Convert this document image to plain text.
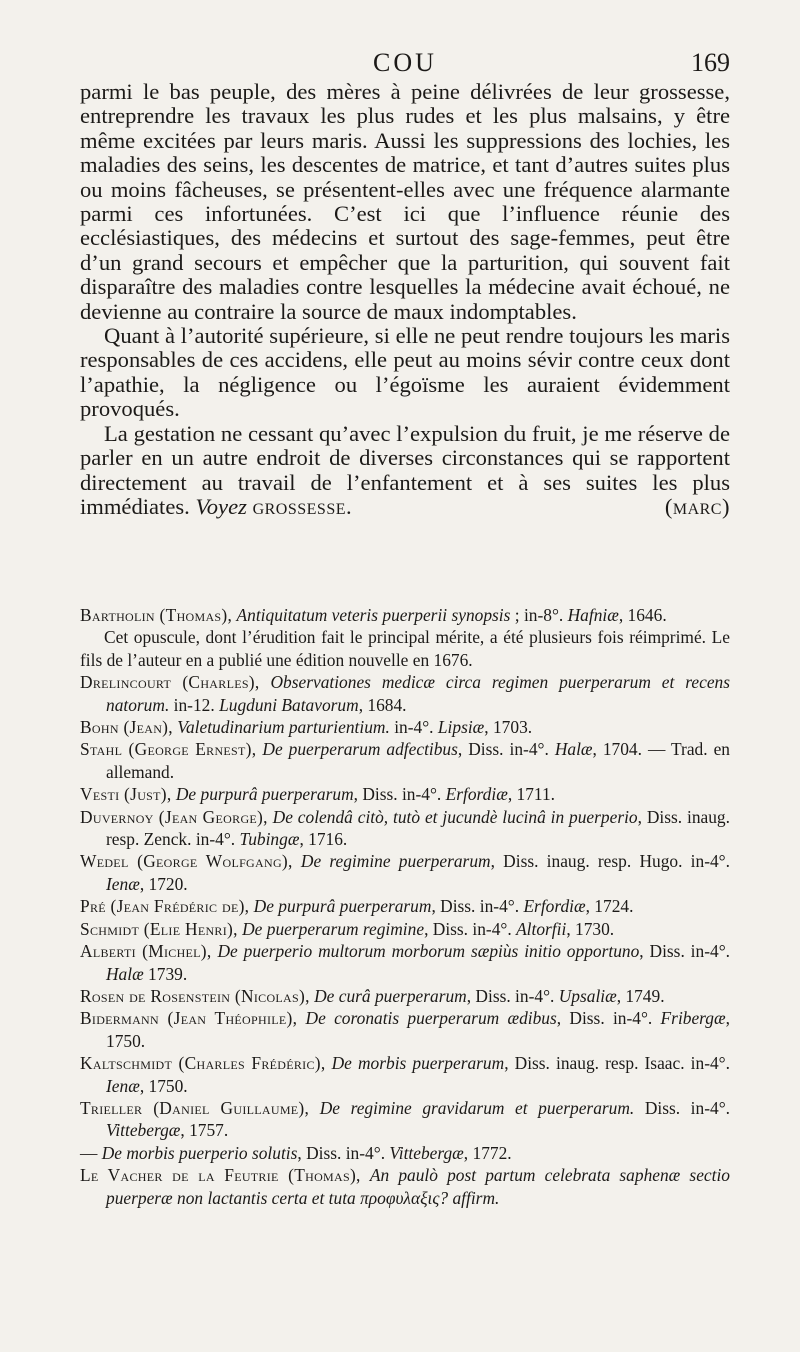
COU	169

parmi le bas peuple, des mères à peine délivrées de leur grossesse, entreprendre les travaux les plus rudes et les plus malsains, y être même excitées par leurs maris. Aussi les suppressions des lochies, les maladies des seins, les descentes de matrice, et tant d’autres suites plus ou moins fâcheuses, se présentent-elles avec une fréquence alarmante parmi ces infortunées. C’est ici que l’influence réunie des ecclésiastiques, des médecins et surtout des sage-femmes, peut être d’un grand secours et empêcher que la parturition, qui souvent fait disparaître des maladies contre lesquelles la médecine avait échoué, ne devienne au contraire la source de maux indomptables.

Quant à l’autorité supérieure, si elle ne peut rendre toujours les maris responsables de ces accidens, elle peut au moins sévir contre ceux dont l’apathie, la négligence ou l’égoïsme les auraient évidemment provoqués.

La gestation ne cessant qu’avec l’expulsion du fruit, je me réserve de parler en un autre endroit de diverses circonstances qui se rapportent directement au travail de l’enfantement et à ses suites les plus immédiates. Voyez grossesse.	(marc)

Bartholin (Thomas), Antiquitatum veteris puerperii synopsis ; in-8°. Hafniæ, 1646.

Cet opuscule, dont l’érudition fait le principal mérite, a été plusieurs fois réimprimé. Le fils de l’auteur en a publié une édition nouvelle en 1676.

Drelincourt (Charles), Observationes medicæ circa regimen puerperarum et recens natorum. in-12. Lugduni Batavorum, 1684.

Bohn (Jean), Valetudinarium parturientium. in-4°. Lipsiæ, 1703.

Stahl (George Ernest), De puerperarum adfectibus, Diss. in-4°. Halæ, 1704. — Trad. en allemand.

Vesti (Just), De purpurâ puerperarum, Diss. in-4°. Erfordiæ, 1711.

Duvernoy (Jean George), De colendâ citò, tutò et jucundè lucinâ in puerperio, Diss. inaug. resp. Zenck. in-4°. Tubingæ, 1716.

Wedel (George Wolfgang), De regimine puerperarum, Diss. inaug. resp. Hugo. in-4°. Ienæ, 1720.

Pré (Jean Frédéric de), De purpurâ puerperarum, Diss. in-4°. Erfordiæ, 1724.

Schmidt (Elie Henri), De puerperarum regimine, Diss. in-4°. Altorfii, 1730.

Alberti (Michel), De puerperio multorum morborum sæpiùs initio opportuno, Diss. in-4°. Halæ 1739.

Rosen de Rosenstein (Nicolas), De curâ puerperarum, Diss. in-4°. Upsaliæ, 1749.

Bidermann (Jean Théophile), De coronatis puerperarum ædibus, Diss. in-4°. Fribergæ, 1750.

Kaltschmidt (Charles Frédéric), De morbis puerperarum, Diss. inaug. resp. Isaac. in-4°. Ienæ, 1750.

Trieller (Daniel Guillaume), De regimine gravidarum et puerperarum. Diss. in-4°. Vittebergæ, 1757.

— De morbis puerperio solutis, Diss. in-4°. Vittebergæ, 1772.

Le Vacher de la Feutrie (Thomas), An paulò post partum celebrata saphenæ sectio puerperæ non lactantis certa et tuta προφυλαξις? affirm.
